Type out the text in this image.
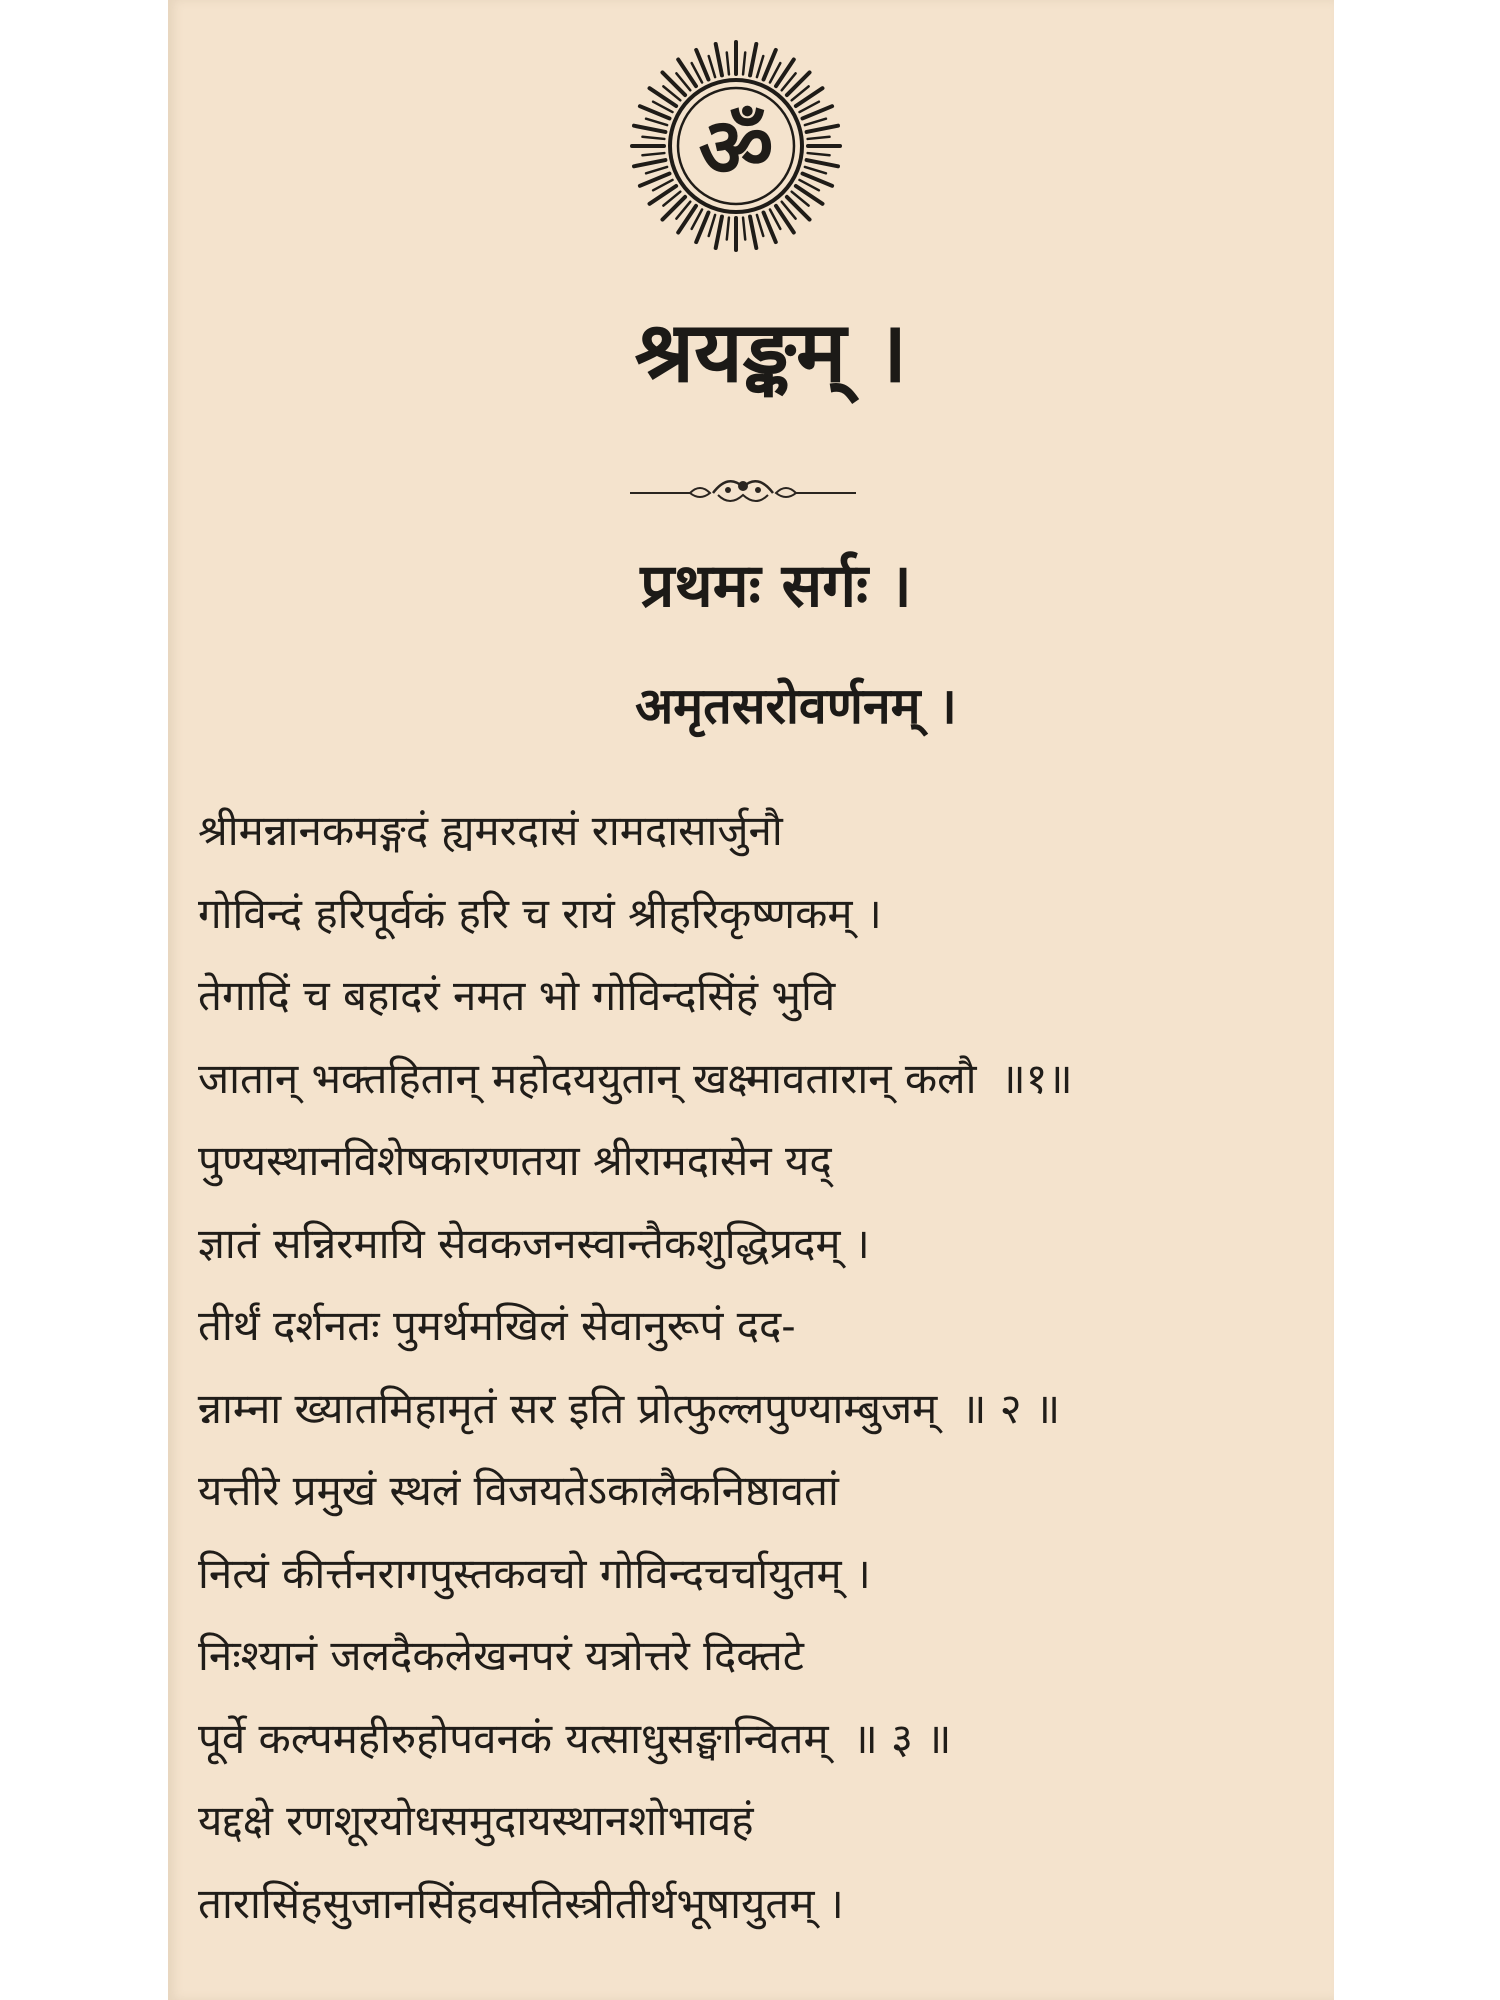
ॐ
श्रयङ्कम् ।
प्रथमः सर्गः ।
अमृतसरोवर्णनम् ।
श्रीमन्नानकमङ्गदं ह्यमरदासं रामदासार्जुनौ
गोविन्दं हरिपूर्वकं हरि च रायं श्रीहरिकृष्णकम् ।
तेगादिं च बहादरं नमत भो गोविन्दसिंहं भुवि
जातान् भक्तहितान् महोदययुतान् खक्ष्मावतारान् कलौ ॥१॥
पुण्यस्थानविशेषकारणतया श्रीरामदासेन यद्
ज्ञातं सन्निरमायि सेवकजनस्वान्तैकशुद्धिप्रदम् ।
तीर्थं दर्शनतः पुमर्थमखिलं सेवानुरूपं दद-
न्नाम्ना ख्यातमिहामृतं सर इति प्रोत्फुल्लपुण्याम्बुजम् ॥ २ ॥
यत्तीरे प्रमुखं स्थलं विजयतेऽकालैकनिष्ठावतां
नित्यं कीर्त्तनरागपुस्तकवचो गोविन्दचर्चायुतम् ।
निःश्यानं जलदैकलेखनपरं यत्रोत्तरे दिक्तटे
पूर्वे कल्पमहीरुहोपवनकं यत्साधुसङ्घान्वितम् ॥ ३ ॥
यद्दक्षे रणशूरयोधसमुदायस्थानशोभावहं
तारासिंहसुजानसिंहवसतिस्त्रीतीर्थभूषायुतम् ।
